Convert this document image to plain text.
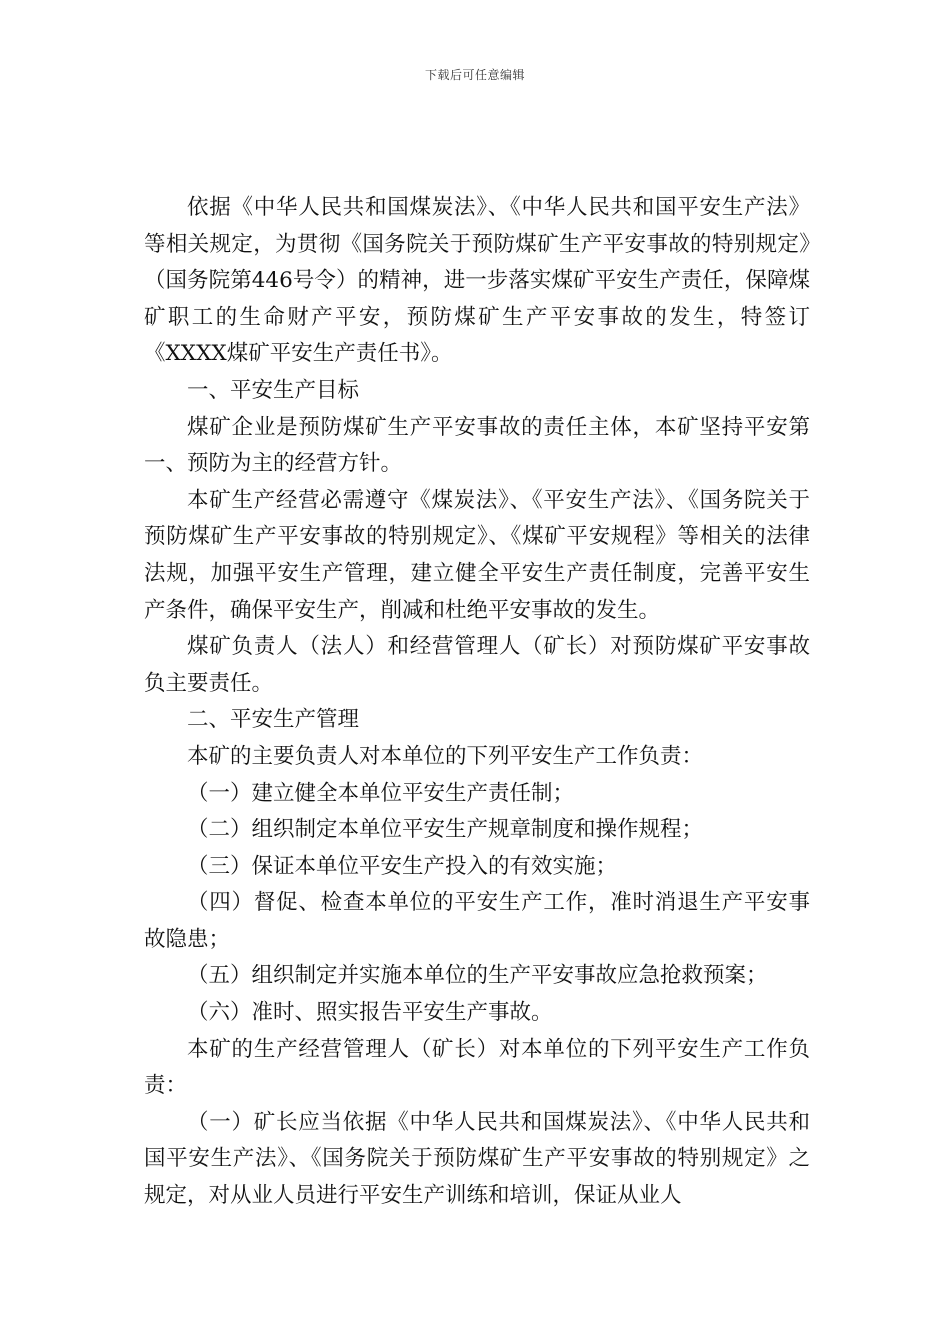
下载后可任意编辑

依据《中华人民共和国煤炭法》、《中华人民共和国平安生产法》等相关规定，为贯彻《国务院关于预防煤矿生产平安事故的特别规定》（国务院第446号令）的精神，进一步落实煤矿平安生产责任，保障煤矿职工的生命财产平安，预防煤矿生产平安事故的发生，特签订《XXXX煤矿平安生产责任书》。

一、平安生产目标

煤矿企业是预防煤矿生产平安事故的责任主体，本矿坚持平安第一、预防为主的经营方针。

本矿生产经营必需遵守《煤炭法》、《平安生产法》、《国务院关于预防煤矿生产平安事故的特别规定》、《煤矿平安规程》等相关的法律法规，加强平安生产管理，建立健全平安生产责任制度，完善平安生产条件，确保平安生产，削减和杜绝平安事故的发生。

煤矿负责人（法人）和经营管理人（矿长）对预防煤矿平安事故负主要责任。

二、平安生产管理

本矿的主要负责人对本单位的下列平安生产工作负责：

（一）建立健全本单位平安生产责任制；

（二）组织制定本单位平安生产规章制度和操作规程；

（三）保证本单位平安生产投入的有效实施；

（四）督促、检查本单位的平安生产工作，准时消退生产平安事故隐患；

（五）组织制定并实施本单位的生产平安事故应急抢救预案；

（六）准时、照实报告平安生产事故。

本矿的生产经营管理人（矿长）对本单位的下列平安生产工作负责：

（一）矿长应当依据《中华人民共和国煤炭法》、《中华人民共和国平安生产法》、《国务院关于预防煤矿生产平安事故的特别规定》之规定，对从业人员进行平安生产训练和培训，保证从业人
